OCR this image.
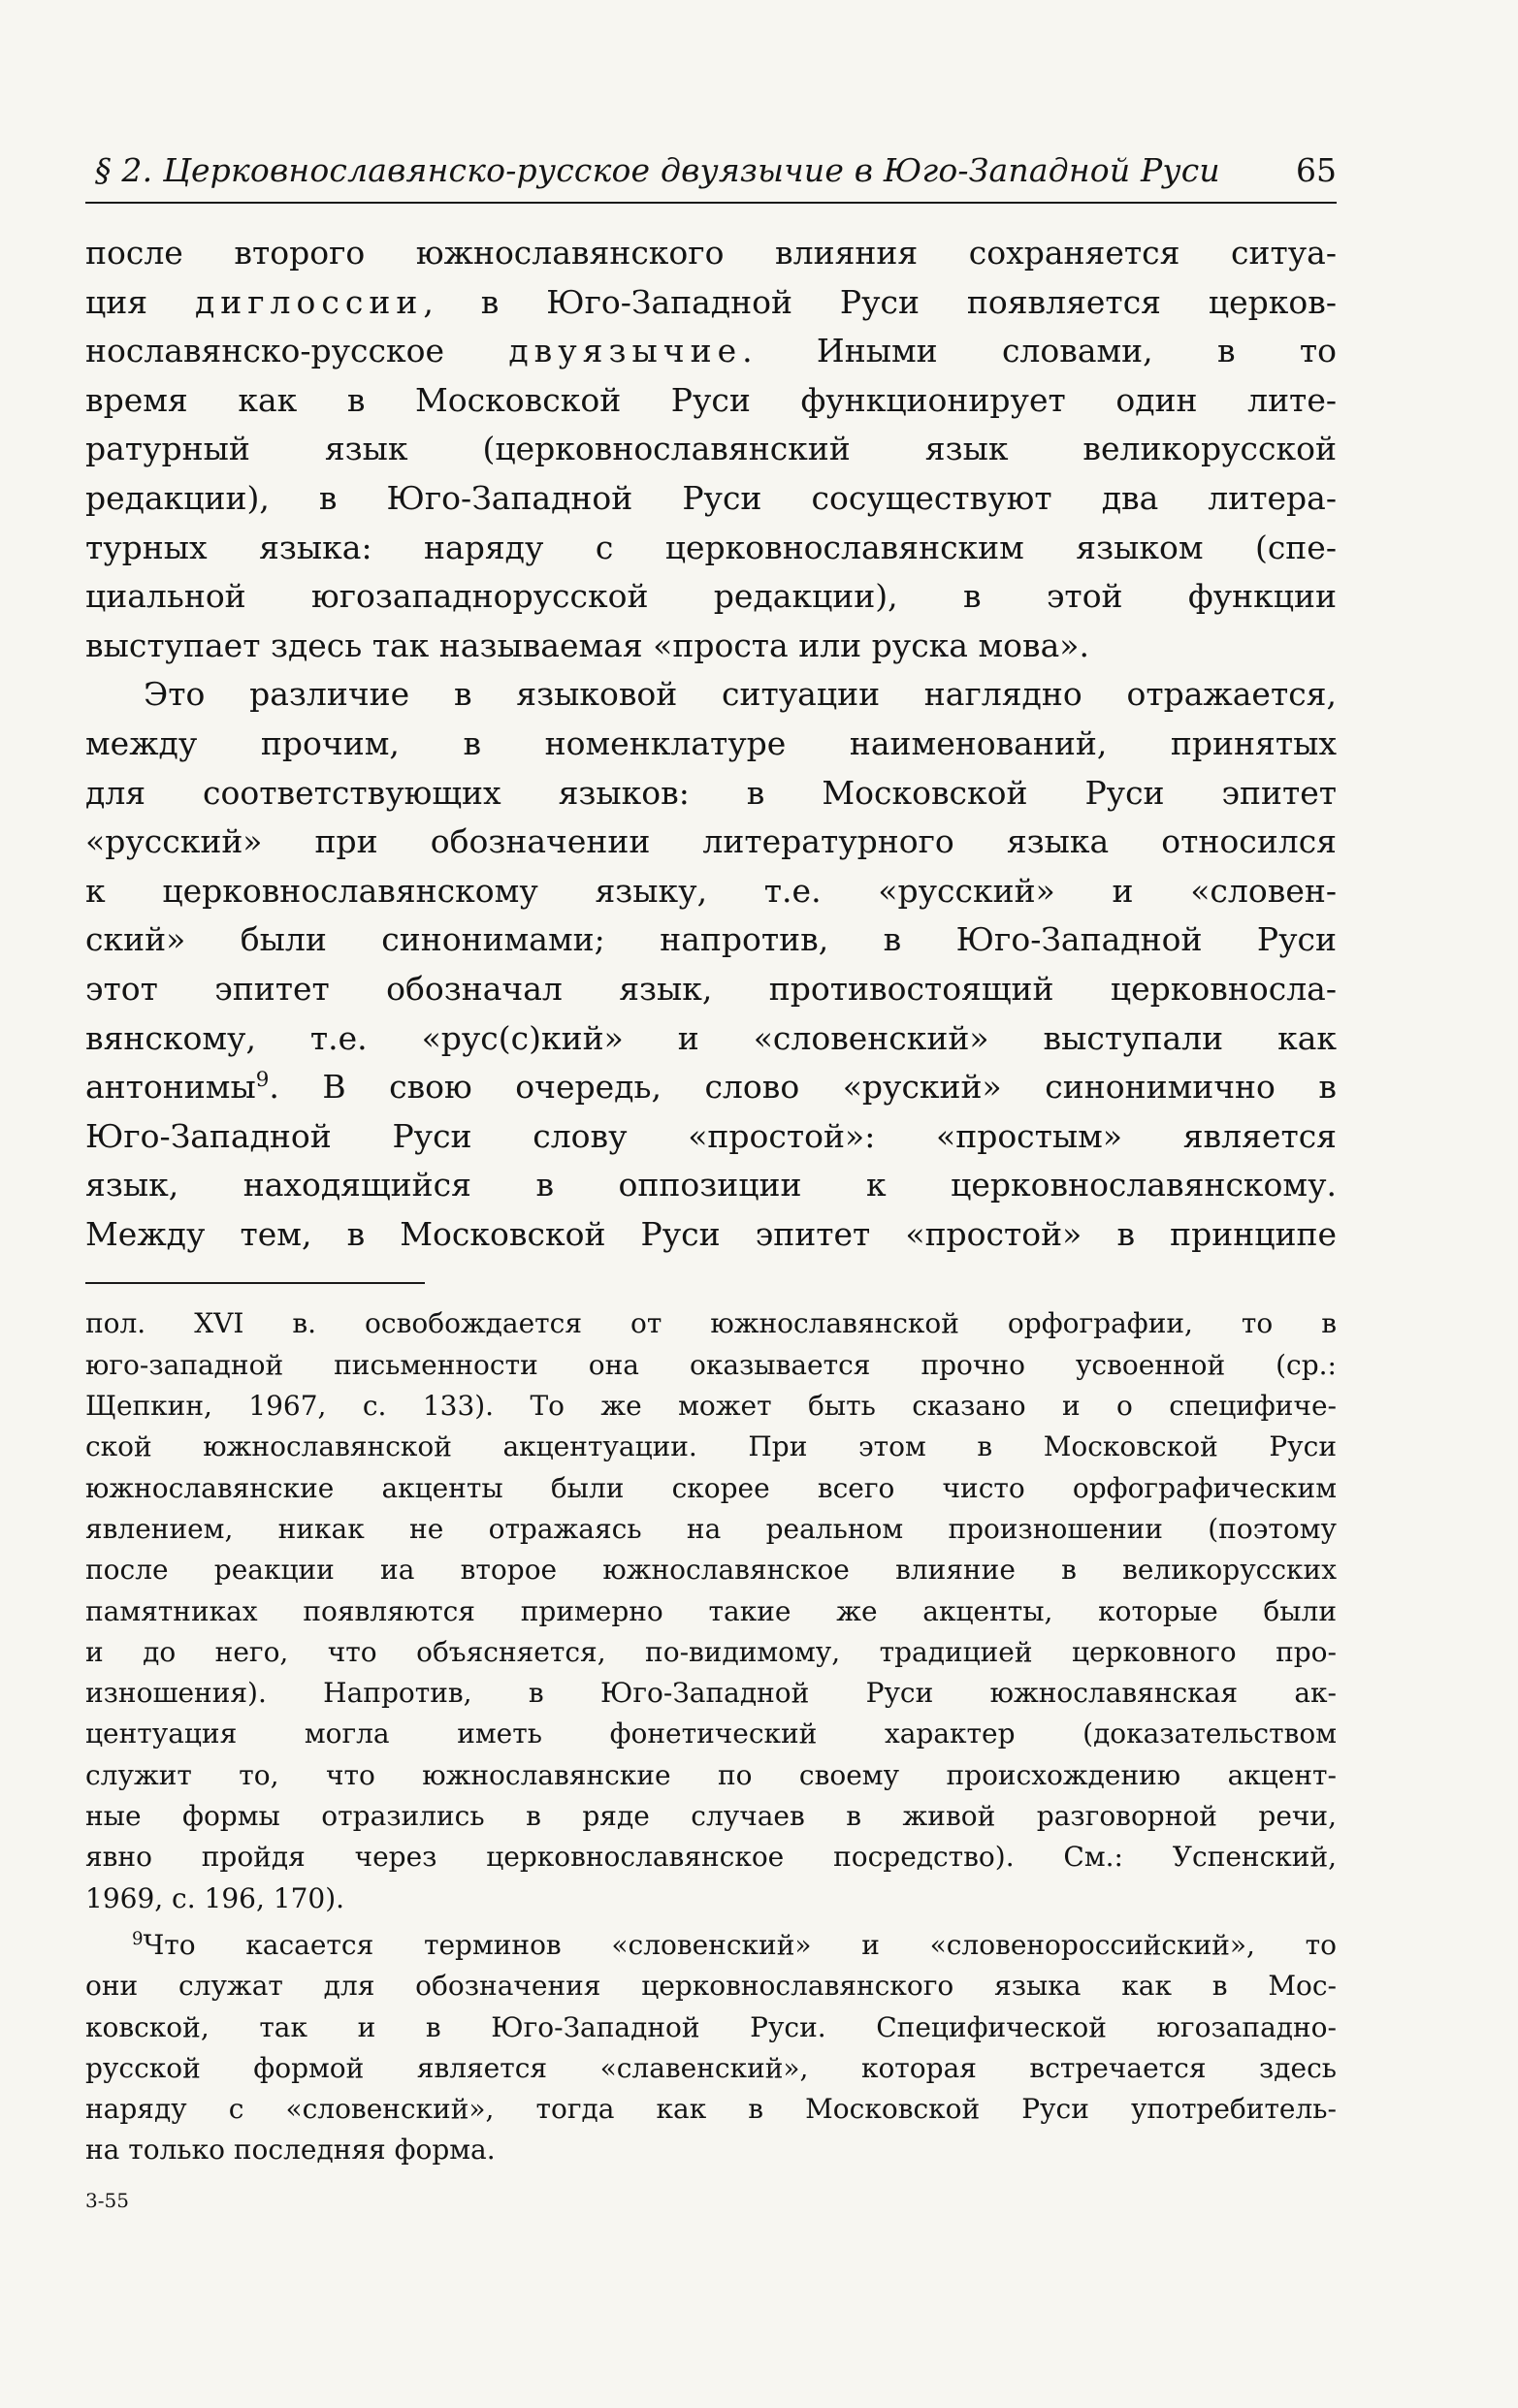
§ 2. Церковнославянско-русское двуязычие в Юго-Западной Руси 65
после второго южнославянского влияния сохраняется ситуа-
ция диглоссии, в Юго-Западной Руси появляется церков-
нославянско-русское двуязычие. Иными словами, в то
время как в Московской Руси функционирует один лите-
ратурный язык (церковнославянский язык великорусской
редакции), в Юго-Западной Руси сосуществуют два литера-
турных языка: наряду с церковнославянским языком (спе-
циальной югозападнорусской редакции), в этой функции
выступает здесь так называемая «проста или руска мова».
Это различие в языковой ситуации наглядно отражается,
между прочим, в номенклатуре наименований, принятых
для соответствующих языков: в Московской Руси эпитет
«русский» при обозначении литературного языка относился
к церковнославянскому языку, т.е. «русский» и «словен-
ский» были синонимами; напротив, в Юго-Западной Руси
этот эпитет обозначал язык, противостоящий церковносла-
вянскому, т.е. «рус(с)кий» и «словенский» выступали как
антонимы$^9$. В свою очередь, слово «руский» синонимично в
Юго-Западной Руси слову «простой»: «простым» является
язык, находящийся в оппозиции к церковнославянскому.
Между тем, в Московской Руси эпитет «простой» в принципе
пол. XVI в. освобождается от южнославянской орфографии, то в
юго-западной письменности она оказывается прочно усвоенной (ср.:
Щепкин, 1967, с. 133). То же может быть сказано и о специфиче-
ской южнославянской акцентуации. При этом в Московской Руси
южнославянские акценты были скорее всего чисто орфографическим
явлением, никак не отражаясь на реальном произношении (поэтому
после реакции иа второе южнославянское влияние в великорусских
памятниках появляются примерно такие же акценты, которые были
и до него, что объясняется, по-видимому, традицией церковного про-
изношения). Напротив, в Юго-Западной Руси южнославянская ак-
центуация могла иметь фонетический характер (доказательством
служит то, что южнославянские по своему происхождению акцент-
ные формы отразились в ряде случаев в живой разговорной речи,
явно пройдя через церковнославянское посредство). См.: Успенский,
1969, с. 196, 170).
$^9$Что касается терминов «словенский» и «словенороссийский», то
они служат для обозначения церковнославянского языка как в Мос-
ковской, так и в Юго-Западной Руси. Специфической югозападно-
русской формой является «славенский», которая встречается здесь
наряду с «словенский», тогда как в Московской Руси употребитель-
на только последняя форма.
3-55
